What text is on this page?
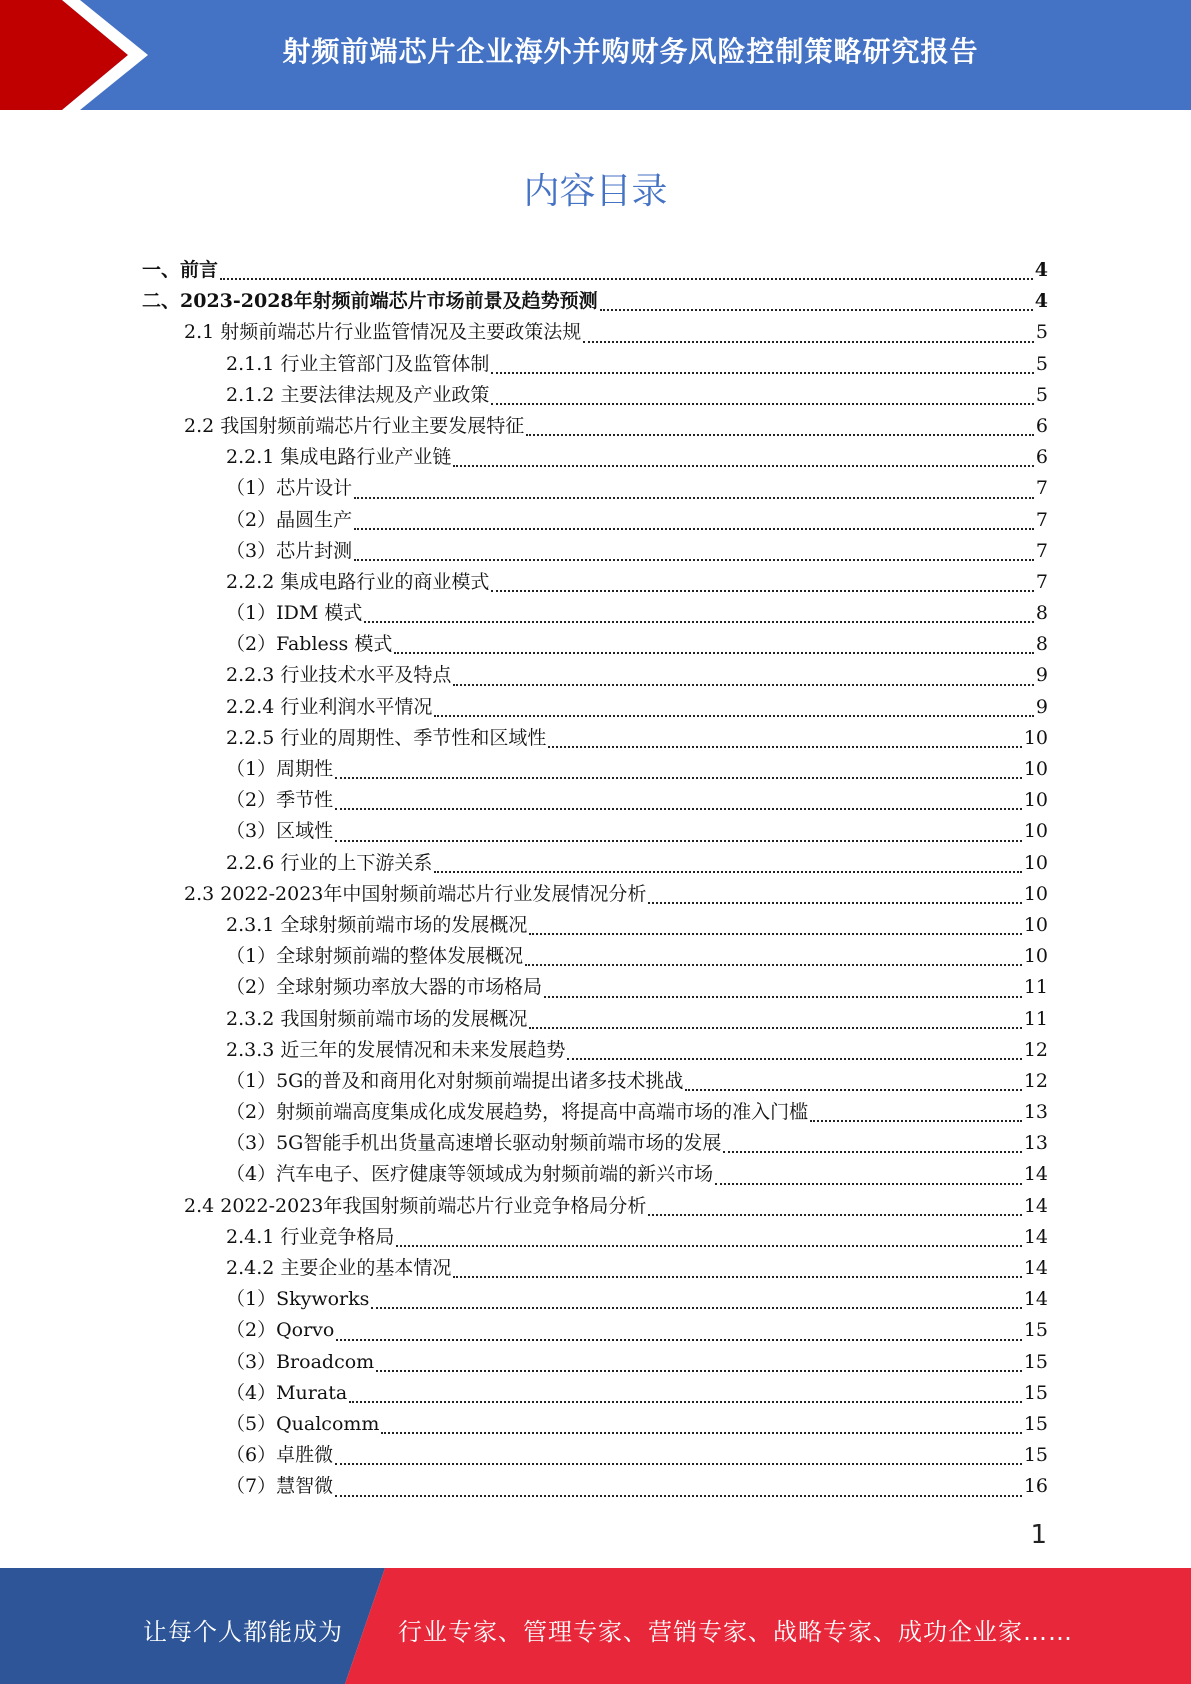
射频前端芯片企业海外并购财务风险控制策略研究报告
内容目录
一、前言	4
二、2023-2028年射频前端芯片市场前景及趋势预测	4
2.1 射频前端芯片行业监管情况及主要政策法规	5
2.1.1 行业主管部门及监管体制	5
2.1.2 主要法律法规及产业政策	5
2.2 我国射频前端芯片行业主要发展特征	6
2.2.1 集成电路行业产业链	6
（1）芯片设计	7
（2）晶圆生产	7
（3）芯片封测	7
2.2.2 集成电路行业的商业模式	7
（1）IDM 模式	8
（2）Fabless 模式	8
2.2.3 行业技术水平及特点	9
2.2.4 行业利润水平情况	9
2.2.5 行业的周期性、季节性和区域性	10
（1）周期性	10
（2）季节性	10
（3）区域性	10
2.2.6 行业的上下游关系	10
2.3 2022-2023年中国射频前端芯片行业发展情况分析	10
2.3.1 全球射频前端市场的发展概况	10
（1）全球射频前端的整体发展概况	10
（2）全球射频功率放大器的市场格局	11
2.3.2 我国射频前端市场的发展概况	11
2.3.3 近三年的发展情况和未来发展趋势	12
（1）5G的普及和商用化对射频前端提出诸多技术挑战	12
（2）射频前端高度集成化成发展趋势，将提高中高端市场的准入门槛	13
（3）5G智能手机出货量高速增长驱动射频前端市场的发展	13
（4）汽车电子、医疗健康等领域成为射频前端的新兴市场	14
2.4 2022-2023年我国射频前端芯片行业竞争格局分析	14
2.4.1 行业竞争格局	14
2.4.2 主要企业的基本情况	14
（1）Skyworks	14
（2）Qorvo	15
（3）Broadcom	15
（4）Murata	15
（5）Qualcomm	15
（6）卓胜微	15
（7）慧智微	16
1
让每个人都能成为 行业专家、管理专家、营销专家、战略专家、成功企业家……
